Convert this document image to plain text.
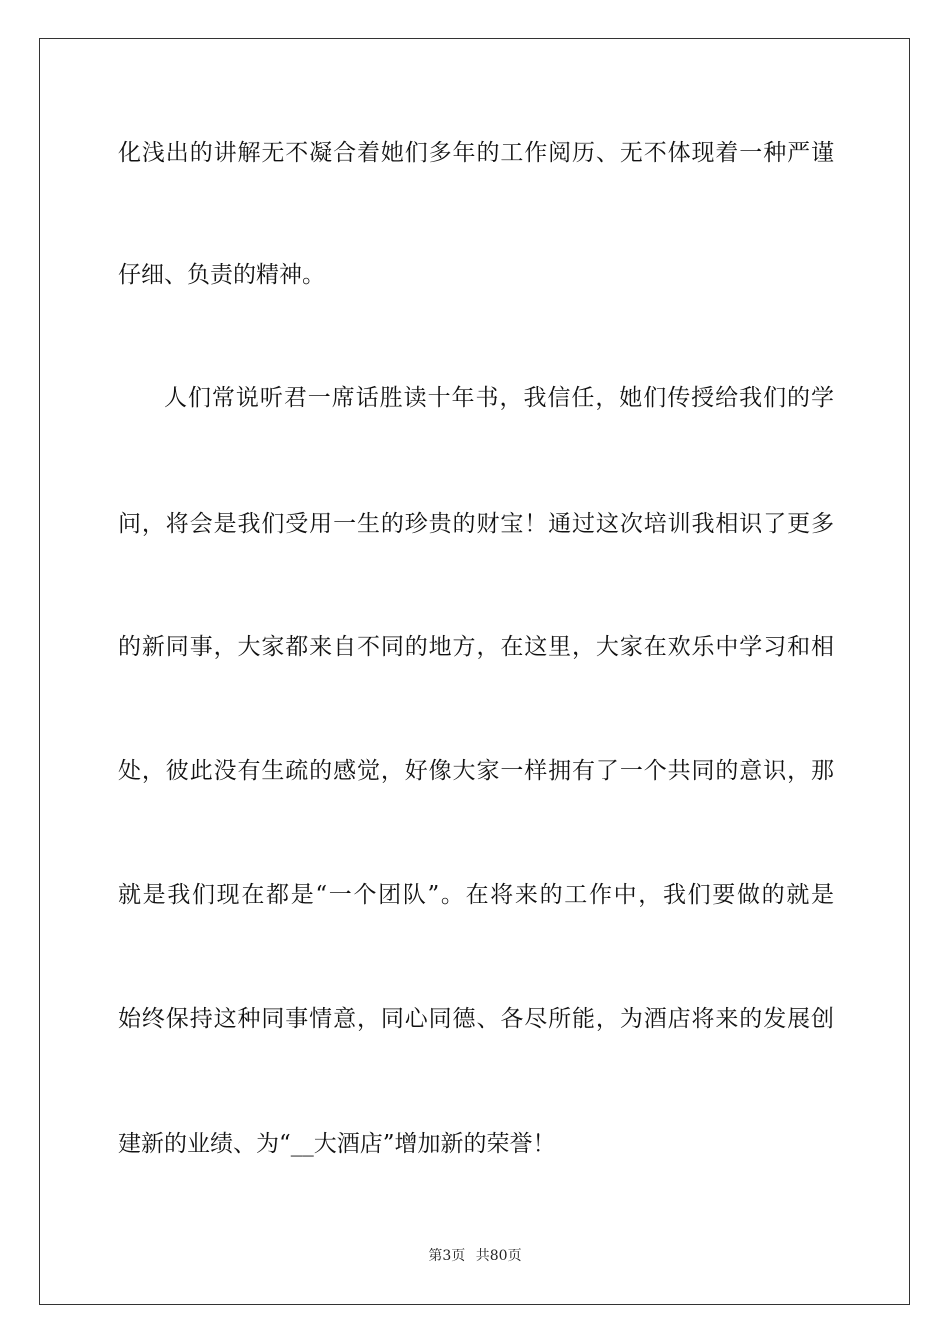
化浅出的讲解无不凝合着她们多年的工作阅历、无不体现着一种严谨
仔细、负责的精神。
人们常说听君一席话胜读十年书，我信任，她们传授给我们的学
问，将会是我们受用一生的珍贵的财宝！通过这次培训我相识了更多
的新同事，大家都来自不同的地方，在这里，大家在欢乐中学习和相
处，彼此没有生疏的感觉，好像大家一样拥有了一个共同的意识，那
就是我们现在都是“一个团队”。在将来的工作中，我们要做的就是
始终保持这种同事情意，同心同德、各尽所能，为酒店将来的发展创
建新的业绩、为“__大酒店”增加新的荣誉！
第3页 共80页
